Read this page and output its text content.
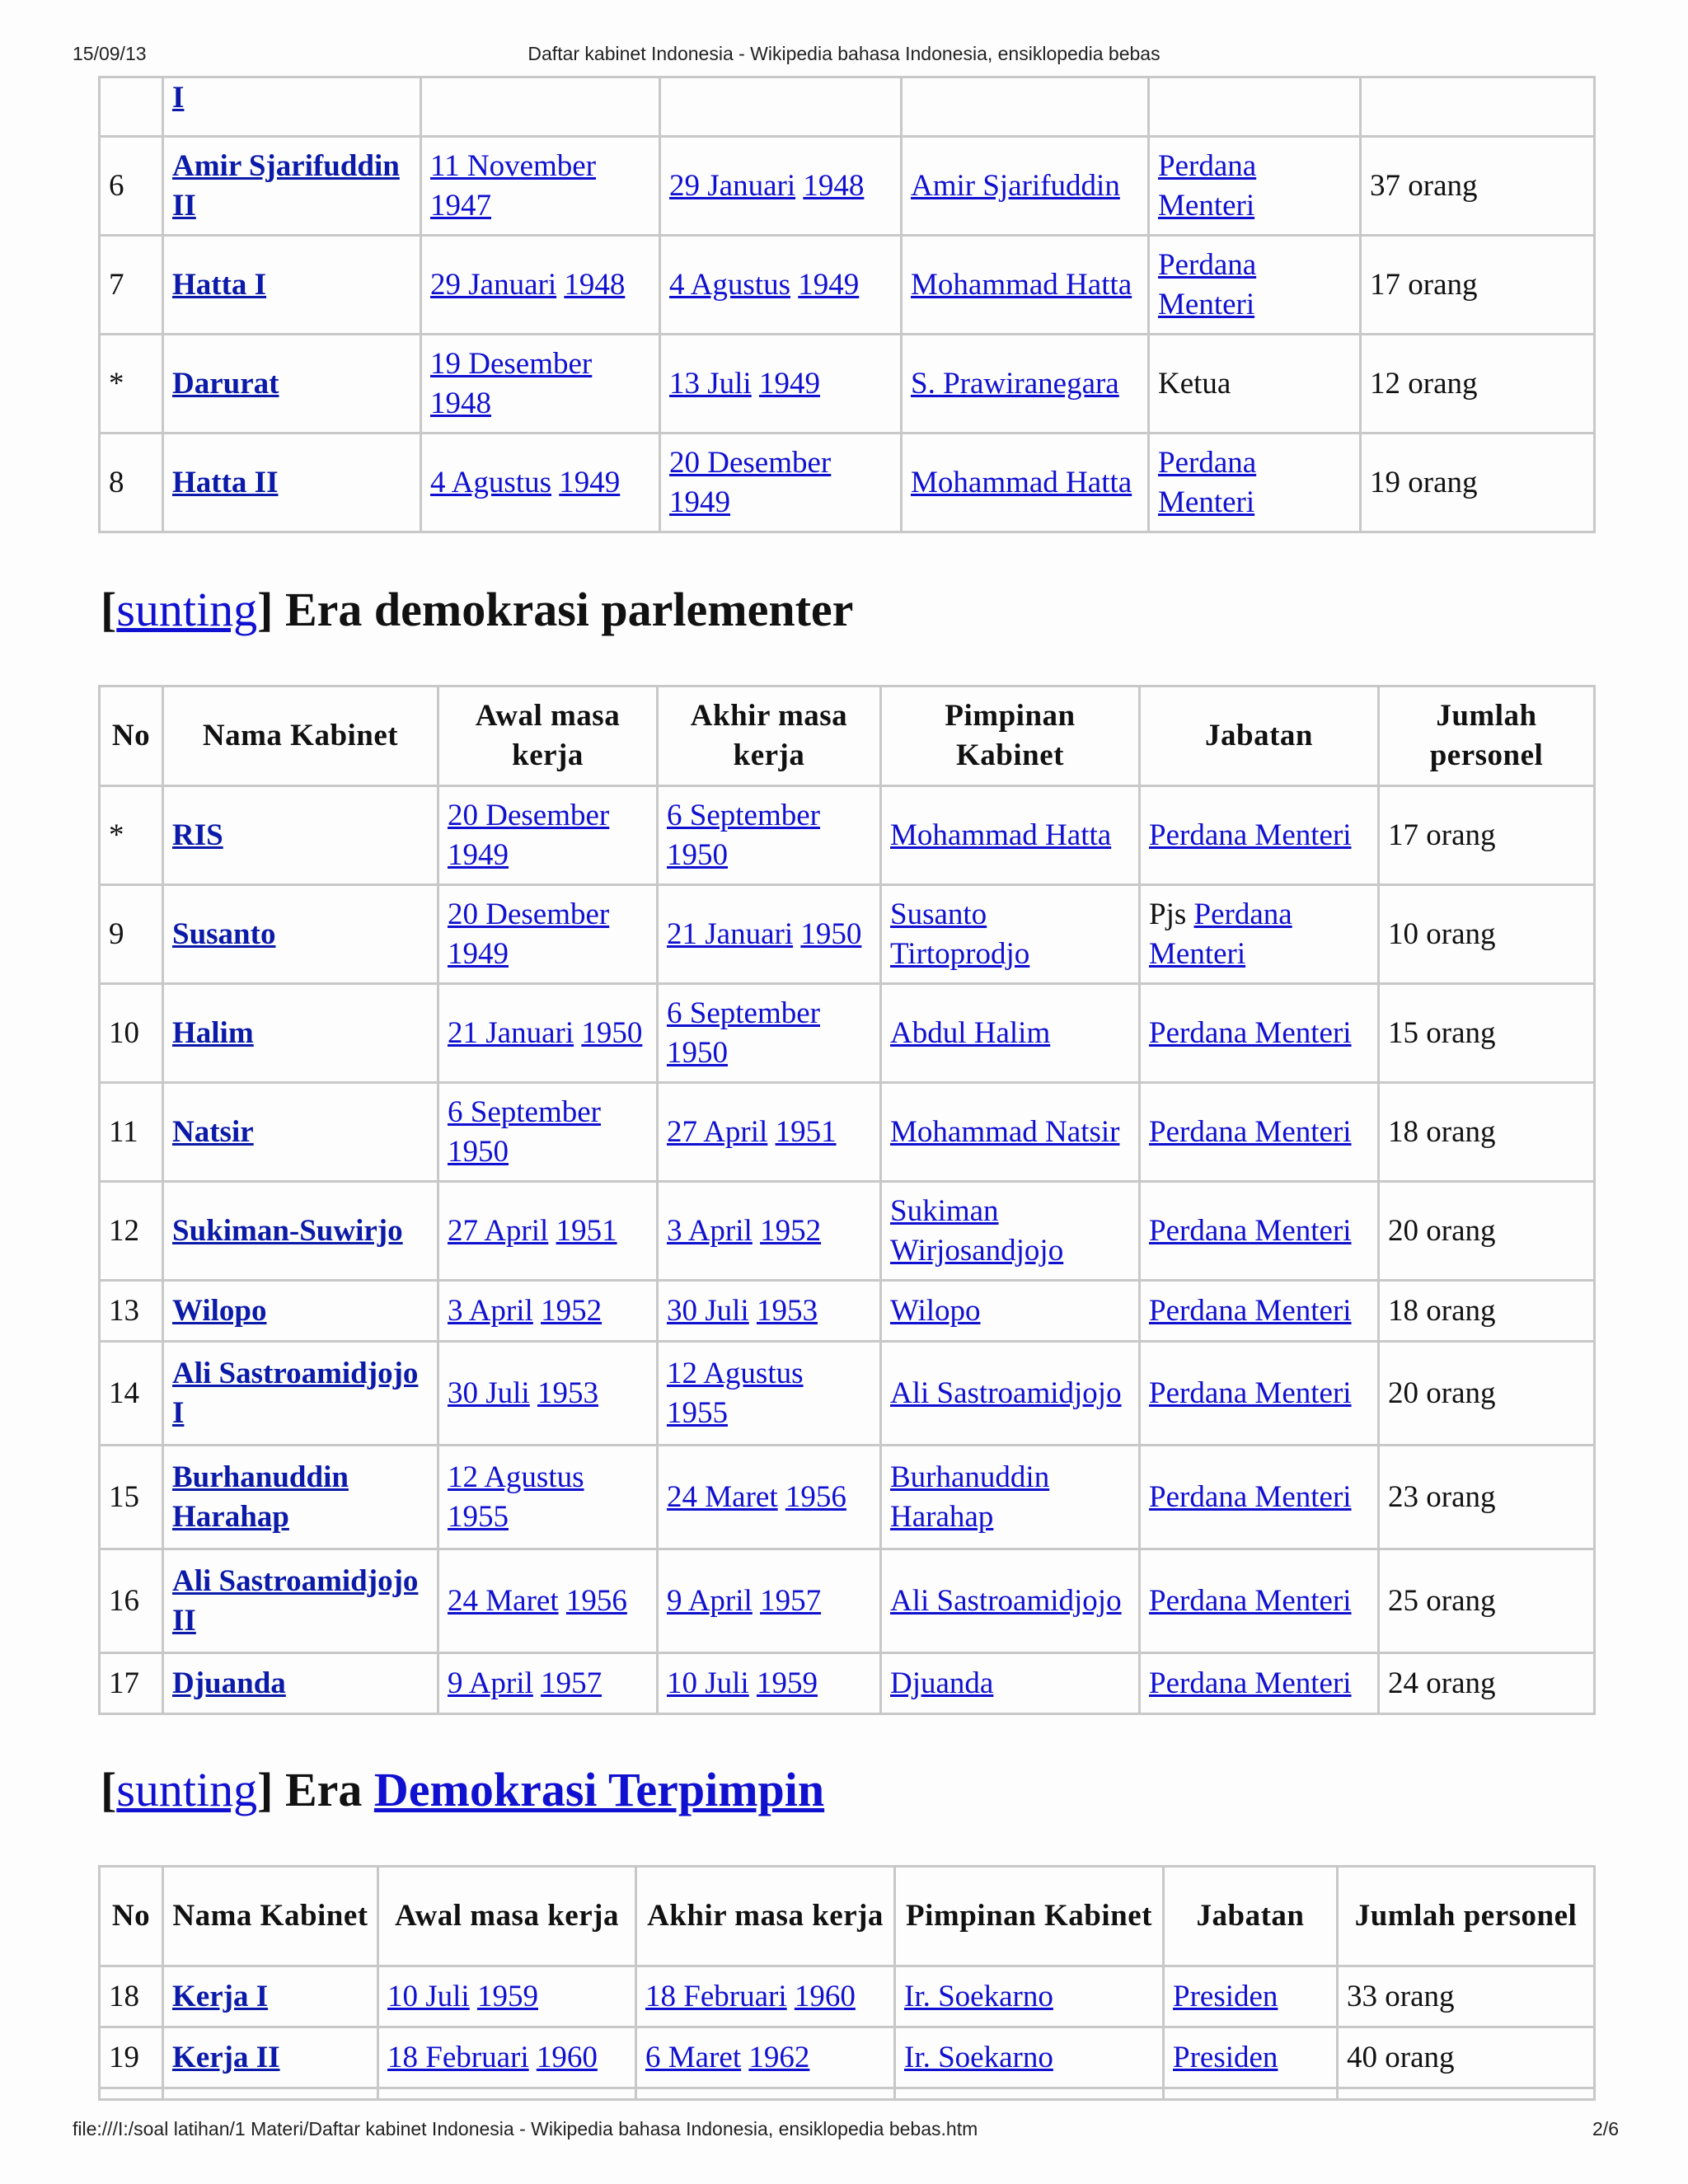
15/09/13	Daftar kabinet Indonesia - Wikipedia bahasa Indonesia, ensiklopedia bebas
	I					
6	Amir Sjarifuddin II	11 November 1947	29 Januari 1948	Amir Sjarifuddin	Perdana Menteri	37 orang
7	Hatta I	29 Januari 1948	4 Agustus 1949	Mohammad Hatta	Perdana Menteri	17 orang
*	Darurat	19 Desember 1948	13 Juli 1949	S. Prawiranegara	Ketua	12 orang
8	Hatta II	4 Agustus 1949	20 Desember 1949	Mohammad Hatta	Perdana Menteri	19 orang
[sunting] Era demokrasi parlementer
No	Nama Kabinet	Awal masa kerja	Akhir masa kerja	Pimpinan Kabinet	Jabatan	Jumlah personel
*	RIS	20 Desember 1949	6 September 1950	Mohammad Hatta	Perdana Menteri	17 orang
9	Susanto	20 Desember 1949	21 Januari 1950	Susanto Tirtoprodjo	Pjs Perdana Menteri	10 orang
10	Halim	21 Januari 1950	6 September 1950	Abdul Halim	Perdana Menteri	15 orang
11	Natsir	6 September 1950	27 April 1951	Mohammad Natsir	Perdana Menteri	18 orang
12	Sukiman-Suwirjo	27 April 1951	3 April 1952	Sukiman Wirjosandjojo	Perdana Menteri	20 orang
13	Wilopo	3 April 1952	30 Juli 1953	Wilopo	Perdana Menteri	18 orang
14	Ali Sastroamidjojo I	30 Juli 1953	12 Agustus 1955	Ali Sastroamidjojo	Perdana Menteri	20 orang
15	Burhanuddin Harahap	12 Agustus 1955	24 Maret 1956	Burhanuddin Harahap	Perdana Menteri	23 orang
16	Ali Sastroamidjojo II	24 Maret 1956	9 April 1957	Ali Sastroamidjojo	Perdana Menteri	25 orang
17	Djuanda	9 April 1957	10 Juli 1959	Djuanda	Perdana Menteri	24 orang
[sunting] Era Demokrasi Terpimpin
No	Nama Kabinet	Awal masa kerja	Akhir masa kerja	Pimpinan Kabinet	Jabatan	Jumlah personel
18	Kerja I	10 Juli 1959	18 Februari 1960	Ir. Soekarno	Presiden	33 orang
19	Kerja II	18 Februari 1960	6 Maret 1962	Ir. Soekarno	Presiden	40 orang

file:///I:/soal latihan/1 Materi/Daftar kabinet Indonesia - Wikipedia bahasa Indonesia, ensiklopedia bebas.htm	2/6
